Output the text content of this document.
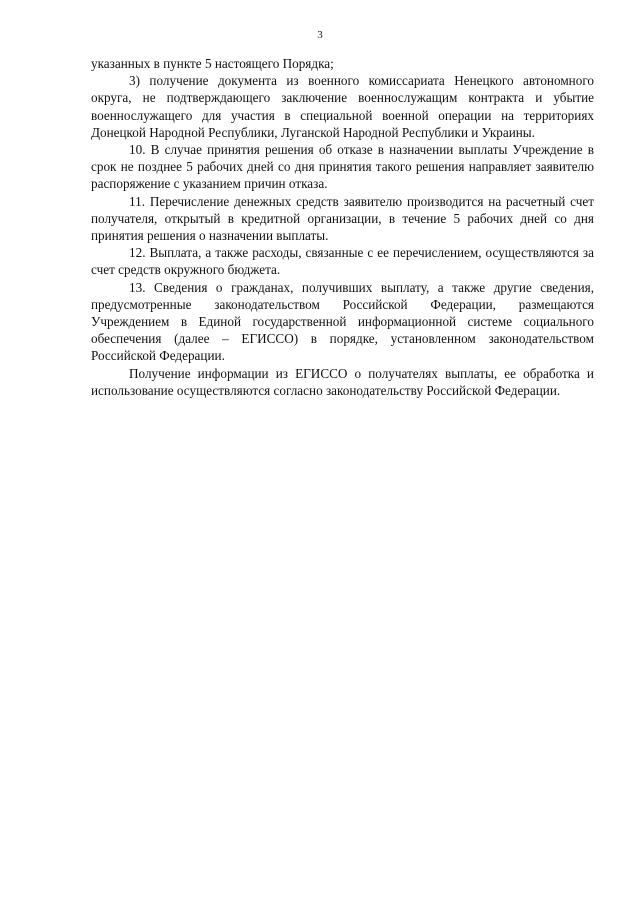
3

указанных в пункте 5 настоящего Порядка;

3) получение документа из военного комиссариата Ненецкого автономного округа, не подтверждающего заключение военнослужащим контракта и убытие военнослужащего для участия в специальной военной операции на территориях Донецкой Народной Республики, Луганской Народной Республики и Украины.

10. В случае принятия решения об отказе в назначении выплаты Учреждение в срок не позднее 5 рабочих дней со дня принятия такого решения направляет заявителю распоряжение с указанием причин отказа.

11. Перечисление денежных средств заявителю производится на расчетный счет получателя, открытый в кредитной организации, в течение 5 рабочих дней со дня принятия решения о назначении выплаты.

12. Выплата, а также расходы, связанные с ее перечислением, осуществляются за счет средств окружного бюджета.

13. Сведения о гражданах, получивших выплату, а также другие сведения, предусмотренные законодательством Российской Федерации, размещаются Учреждением в Единой государственной информационной системе социального обеспечения (далее – ЕГИССО) в порядке, установленном законодательством Российской Федерации.

Получение информации из ЕГИССО о получателях выплаты, ее обработка и использование осуществляются согласно законодательству Российской Федерации.
